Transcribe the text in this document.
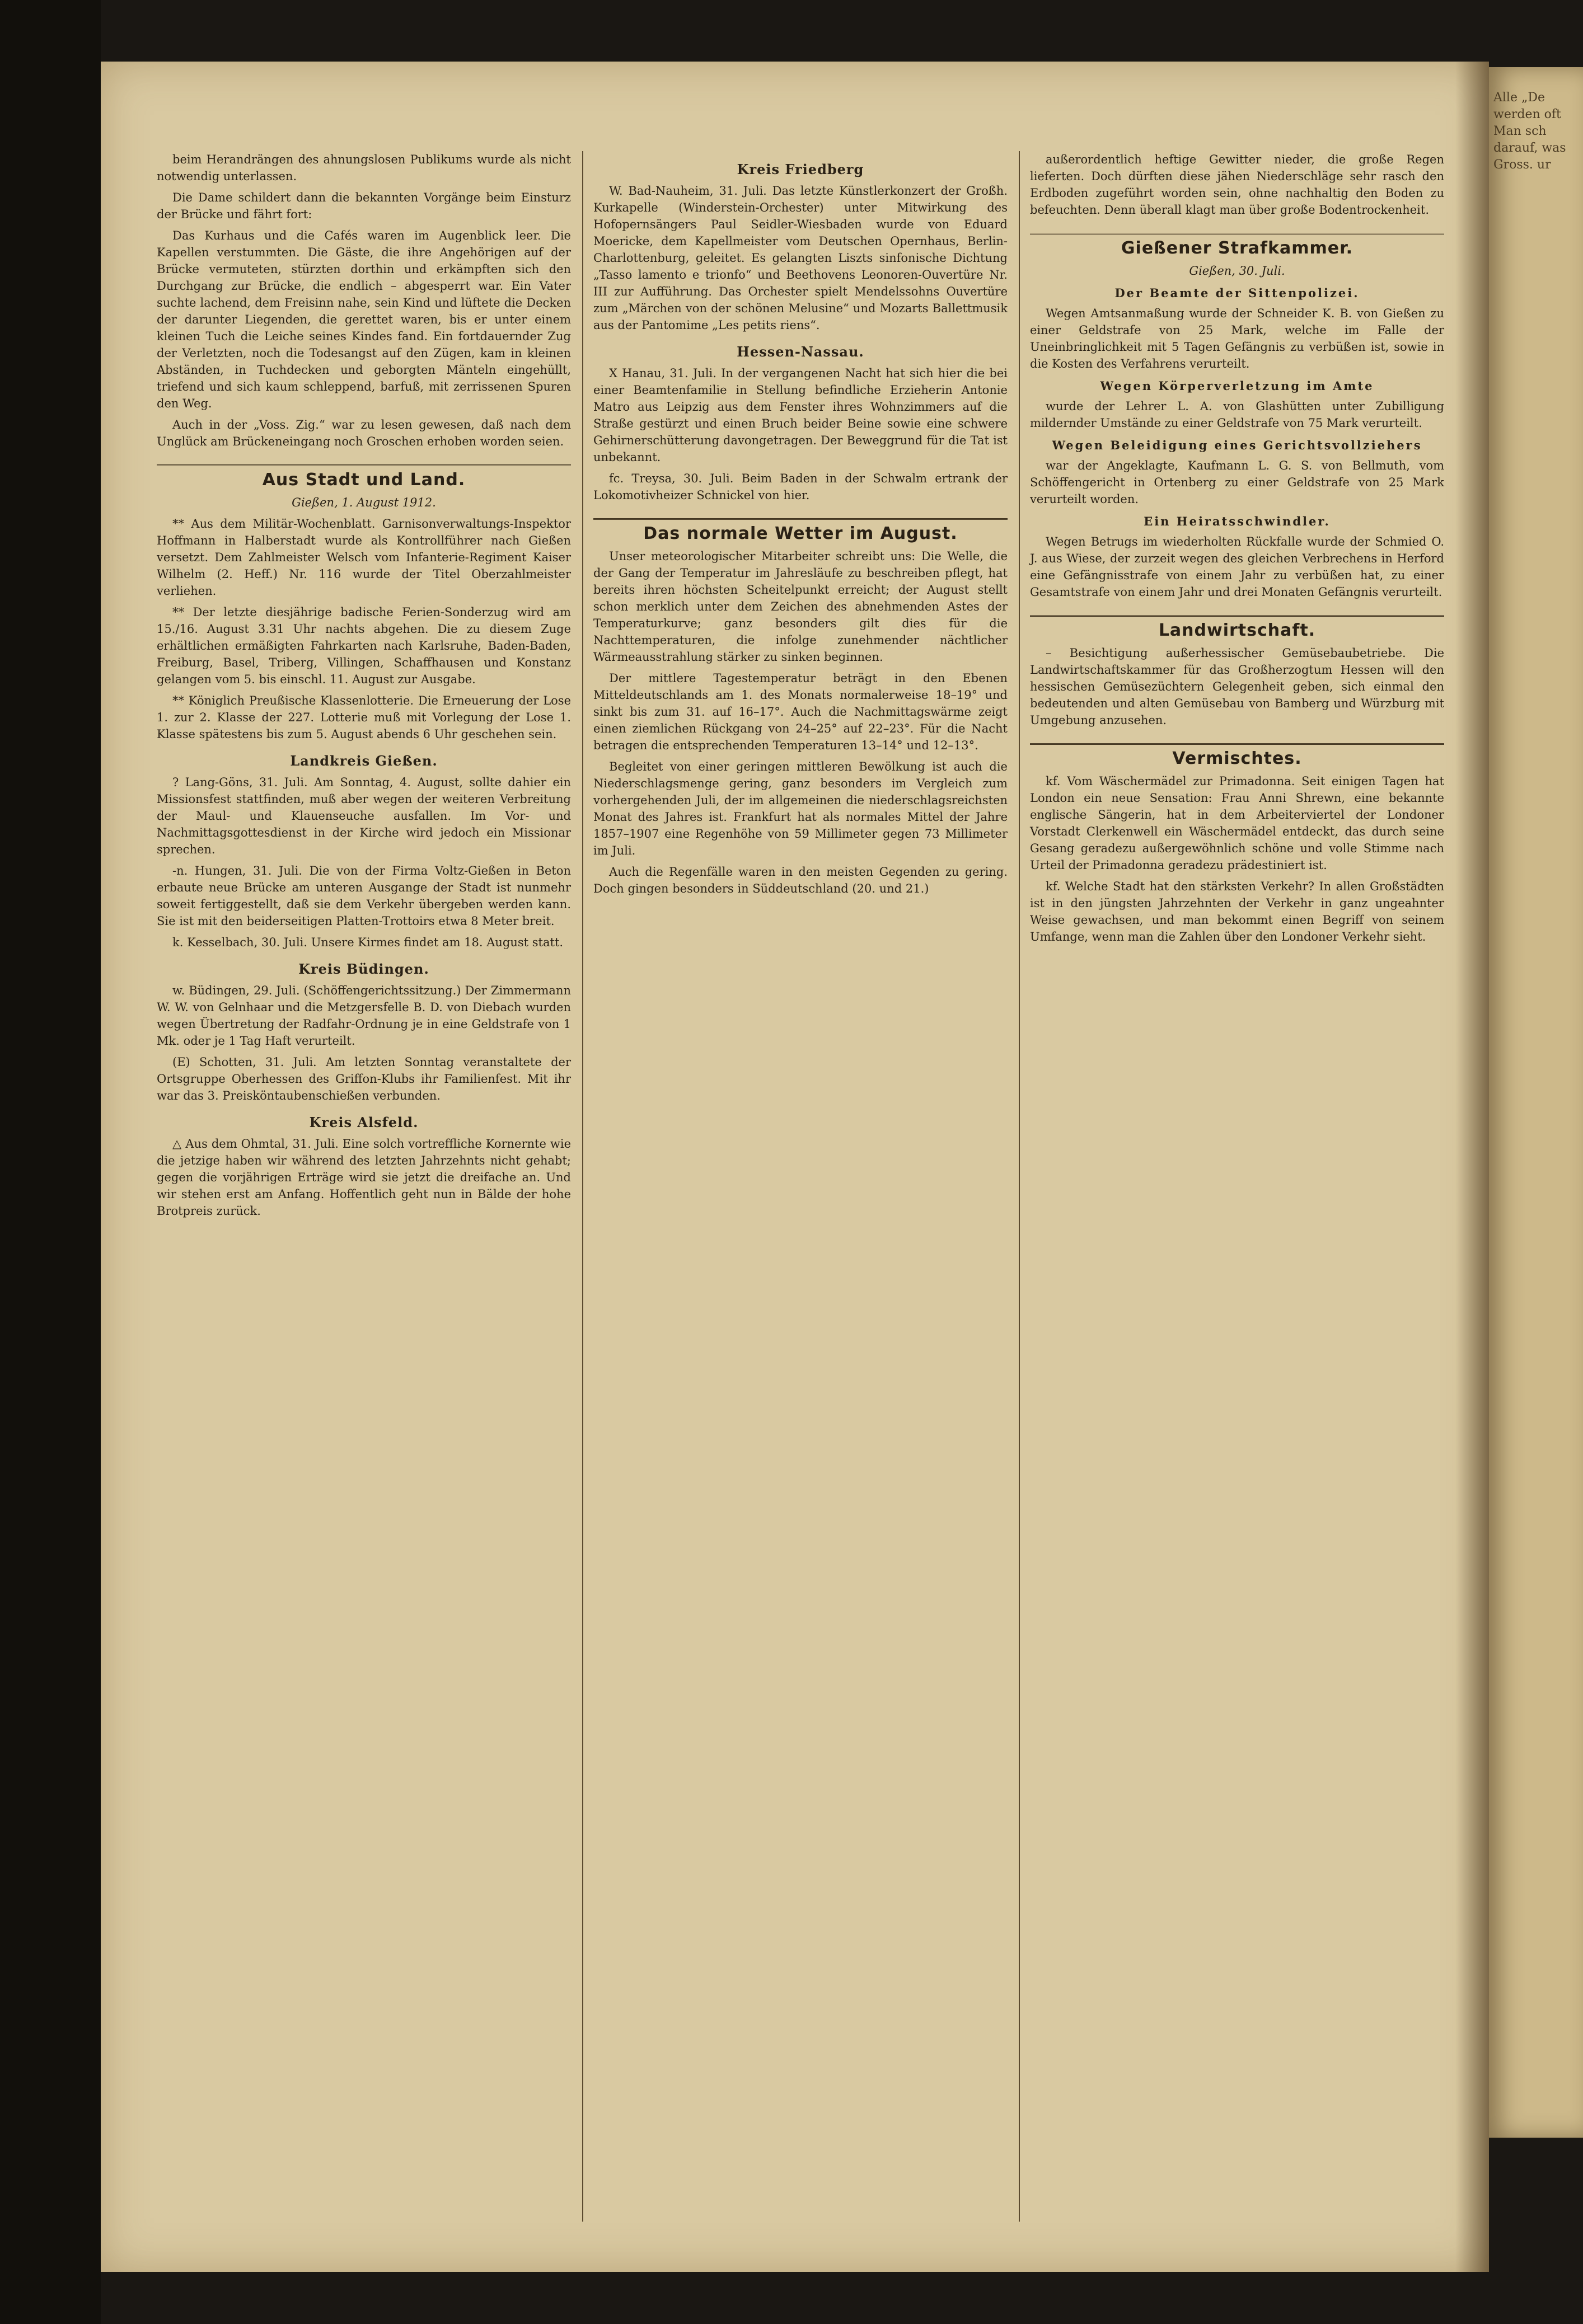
beim Herandrängen des ahnungslosen Publikums wurde als nicht notwendig unterlassen.

Die Dame schildert dann die bekannten Vorgänge beim Einsturz der Brücke und fährt fort:

Das Kurhaus und die Cafés waren im Augenblick leer. Die Kapellen verstummten. Die Gäste, die ihre Angehörigen auf der Brücke vermuteten, stürzten dorthin und erkämpften sich den Durchgang zur Brücke, die endlich – abgesperrt war. Ein Vater suchte lachend, dem Freisinn nahe, sein Kind und lüftete die Decken der darunter Liegenden, die gerettet waren, bis er unter einem kleinen Tuch die Leiche seines Kindes fand. Ein fortdauernder Zug der Verletzten, noch die Todesangst auf den Zügen, kam in kleinen Abständen, in Tuchdecken und geborgten Mänteln eingehüllt, triefend und sich kaum schleppend, barfuß, mit zerrissenen Spuren den Weg.

Auch in der „Voss. Zig.“ war zu lesen gewesen, daß nach dem Unglück am Brückeneingang noch Groschen erhoben worden seien.

Aus Stadt und Land.
Gießen, 1. August 1912.

** Aus dem Militär-Wochenblatt. Garnisonverwaltungs-Inspektor Hoffmann in Halberstadt wurde als Kontrollführer nach Gießen versetzt. Dem Zahlmeister Welsch vom Infanterie-Regiment Kaiser Wilhelm (2. Heff.) Nr. 116 wurde der Titel Oberzahlmeister verliehen.

** Der letzte diesjährige badische Ferien-Sonderzug wird am 15./16. August 3.31 Uhr nachts abgehen. Die zu diesem Zuge erhältlichen ermäßigten Fahrkarten nach Karlsruhe, Baden-Baden, Freiburg, Basel, Triberg, Villingen, Schaffhausen und Konstanz gelangen vom 5. bis einschl. 11. August zur Ausgabe.

** Königlich Preußische Klassenlotterie. Die Erneuerung der Lose 1. zur 2. Klasse der 227. Lotterie muß mit Vorlegung der Lose 1. Klasse spätestens bis zum 5. August abends 6 Uhr geschehen sein.

Landkreis Gießen.

? Lang-Göns, 31. Juli. Am Sonntag, 4. August, sollte dahier ein Missionsfest stattfinden, muß aber wegen der weiteren Verbreitung der Maul- und Klauenseuche ausfallen. Im Vor- und Nachmittagsgottesdienst in der Kirche wird jedoch ein Missionar sprechen.

-n. Hungen, 31. Juli. Die von der Firma Voltz-Gießen in Beton erbaute neue Brücke am unteren Ausgange der Stadt ist nunmehr soweit fertiggestellt, daß sie dem Verkehr übergeben werden kann. Sie ist mit den beiderseitigen Platten-Trottoirs etwa 8 Meter breit.

k. Kesselbach, 30. Juli. Unsere Kirmes findet am 18. August statt.

Kreis Büdingen.

w. Büdingen, 29. Juli. (Schöffengerichtssitzung.) Der Zimmermann W. W. von Gelnhaar und die Metzgersfelle B. D. von Diebach wurden wegen Übertretung der Radfahr-Ordnung je in eine Geldstrafe von 1 Mk. oder je 1 Tag Haft verurteilt.

(E) Schotten, 31. Juli. Am letzten Sonntag veranstaltete der Ortsgruppe Oberhessen des Griffon-Klubs ihr Familienfest. Mit ihr war das 3. Preisköntaubenschießen verbunden.

Kreis Alsfeld.

△ Aus dem Ohmtal, 31. Juli. Eine solch vortreffliche Kornernte wie die jetzige haben wir während des letzten Jahrzehnts nicht gehabt; gegen die vorjährigen Erträge wird sie jetzt die dreifache an. Und wir stehen erst am Anfang. Hoffentlich geht nun in Bälde der hohe Brotpreis zurück.

Kreis Friedberg

W. Bad-Nauheim, 31. Juli. Das letzte Künstlerkonzert der Großh. Kurkapelle (Winderstein-Orchester) unter Mitwirkung des Hofopernsängers Paul Seidler-Wiesbaden wurde von Eduard Moericke, dem Kapellmeister vom Deutschen Opernhaus, Berlin-Charlottenburg, geleitet. Es gelangten Liszts sinfonische Dichtung „Tasso lamento e trionfo“ und Beethovens Leonoren-Ouvertüre Nr. III zur Aufführung. Das Orchester spielt Mendelssohns Ouvertüre zum „Märchen von der schönen Melusine“ und Mozarts Ballettmusik aus der Pantomime „Les petits riens“.

Hessen-Nassau.

X Hanau, 31. Juli. In der vergangenen Nacht hat sich hier die bei einer Beamtenfamilie in Stellung befindliche Erzieherin Antonie Matro aus Leipzig aus dem Fenster ihres Wohnzimmers auf die Straße gestürzt und einen Bruch beider Beine sowie eine schwere Gehirnerschütterung davongetragen. Der Beweggrund für die Tat ist unbekannt.

fc. Treysa, 30. Juli. Beim Baden in der Schwalm ertrank der Lokomotivheizer Schnickel von hier.

Das normale Wetter im August.

Unser meteorologischer Mitarbeiter schreibt uns: Die Welle, die der Gang der Temperatur im Jahresläufe zu beschreiben pflegt, hat bereits ihren höchsten Scheitelpunkt erreicht; der August stellt schon merklich unter dem Zeichen des abnehmenden Astes der Temperaturkurve; ganz besonders gilt dies für die Nachttemperaturen, die infolge zunehmender nächtlicher Wärmeausstrahlung stärker zu sinken beginnen.

Der mittlere Tagestemperatur beträgt in den Ebenen Mitteldeutschlands am 1. des Monats normalerweise 18–19° und sinkt bis zum 31. auf 16–17°. Auch die Nachmittagswärme zeigt einen ziemlichen Rückgang von 24–25° auf 22–23°. Für die Nacht betragen die entsprechenden Temperaturen 13–14° und 12–13°.

Begleitet von einer geringen mittleren Bewölkung ist auch die Niederschlagsmenge gering, ganz besonders im Vergleich zum vorhergehenden Juli, der im allgemeinen die niederschlagsreichsten Monat des Jahres ist. Frankfurt hat als normales Mittel der Jahre 1857–1907 eine Regenhöhe von 59 Millimeter gegen 73 Millimeter im Juli.

Auch die Regenfälle waren in den meisten Gegenden zu gering. Doch gingen besonders in Süddeutschland (20. und 21.)

außerordentlich heftige Gewitter nieder, die große Regen lieferten. Doch dürften diese jähen Niederschläge sehr rasch den Erdboden zugeführt worden sein, ohne nachhaltig den Boden zu befeuchten. Denn überall klagt man über große Bodentrockenheit.

Gießener Strafkammer.
Gießen, 30. Juli.
Der Beamte der Sittenpolizei.

Wegen Amtsanmaßung wurde der Schneider K. B. von Gießen zu einer Geldstrafe von 25 Mark, welche im Falle der Uneinbringlichkeit mit 5 Tagen Gefängnis zu verbüßen ist, sowie in die Kosten des Verfahrens verurteilt.

Wegen Körperverletzung im Amte

wurde der Lehrer L. A. von Glashütten unter Zubilligung mildernder Umstände zu einer Geldstrafe von 75 Mark verurteilt.

Wegen Beleidigung eines Gerichtsvollziehers

war der Angeklagte, Kaufmann L. G. S. von Bellmuth, vom Schöffengericht in Ortenberg zu einer Geldstrafe von 25 Mark verurteilt worden.

Ein Heiratsschwindler.

Wegen Betrugs im wiederholten Rückfalle wurde der Schmied O. J. aus Wiese, der zurzeit wegen des gleichen Verbrechens in Herford eine Gefängnisstrafe von einem Jahr zu verbüßen hat, zu einer Gesamtstrafe von einem Jahr und drei Monaten Gefängnis verurteilt.

Landwirtschaft.

– Besichtigung außerhessischer Gemüsebaubetriebe. Die Landwirtschaftskammer für das Großherzogtum Hessen will den hessischen Gemüsezüchtern Gelegenheit geben, sich einmal den bedeutenden und alten Gemüsebau von Bamberg und Würzburg mit Umgebung anzusehen.

Vermischtes.

kf. Vom Wäschermädel zur Primadonna. Seit einigen Tagen hat London ein neue Sensation: Frau Anni Shrewn, eine bekannte englische Sängerin, hat in dem Arbeiterviertel der Londoner Vorstadt Clerkenwell ein Wäschermädel entdeckt, das durch seine Gesang geradezu außergewöhnlich schöne und volle Stimme nach Urteil der Primadonna geradezu prädestiniert ist.

kf. Welche Stadt hat den stärksten Verkehr? In allen Großstädten ist in den jüngsten Jahrzehnten der Verkehr in ganz ungeahnter Weise gewachsen, und man bekommt einen Begriff von seinem Umfange, wenn man die Zahlen über den Londoner Verkehr sieht.

Alle „De werden oft Man sch darauf, was Gross. ur
